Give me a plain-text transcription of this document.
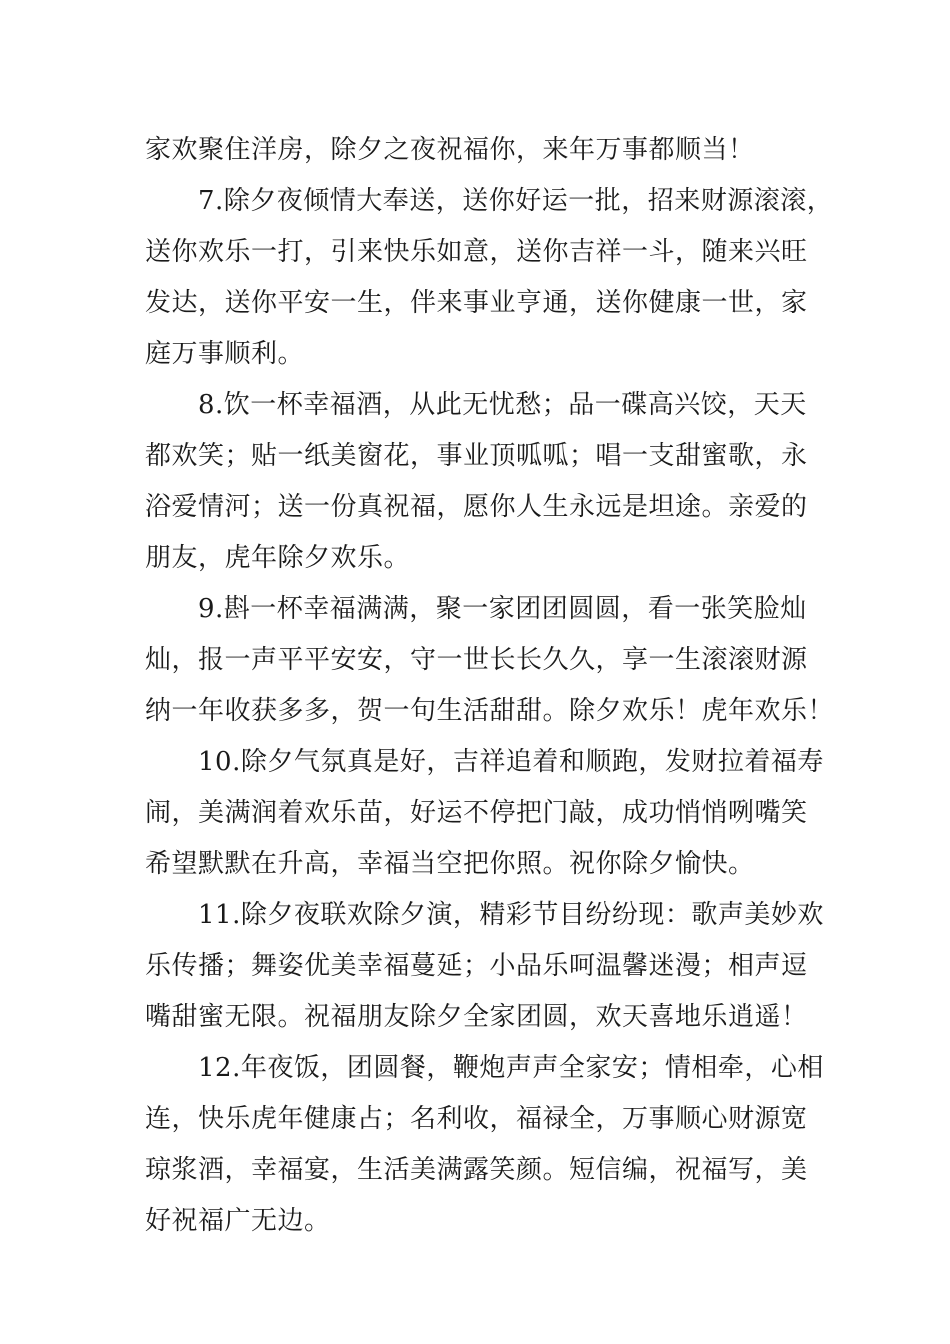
家欢聚住洋房，除夕之夜祝福你，来年万事都顺当！
　　7.除夕夜倾情大奉送，送你好运一批，招来财源滚滚，
送你欢乐一打，引来快乐如意，送你吉祥一斗，随来兴旺
发达，送你平安一生，伴来事业亨通，送你健康一世，家
庭万事顺利。
　　8.饮一杯幸福酒，从此无忧愁；品一碟高兴饺，天天
都欢笑；贴一纸美窗花，事业顶呱呱；唱一支甜蜜歌，永
浴爱情河；送一份真祝福，愿你人生永远是坦途。亲爱的
朋友，虎年除夕欢乐。
　　9.斟一杯幸福满满，聚一家团团圆圆，看一张笑脸灿
灿，报一声平平安安，守一世长长久久，享一生滚滚财源
纳一年收获多多，贺一句生活甜甜。除夕欢乐！虎年欢乐！
　　10.除夕气氛真是好，吉祥追着和顺跑，发财拉着福寿
闹，美满润着欢乐苗，好运不停把门敲，成功悄悄咧嘴笑
希望默默在升高，幸福当空把你照。祝你除夕愉快。
　　11.除夕夜联欢除夕演，精彩节目纷纷现：歌声美妙欢
乐传播；舞姿优美幸福蔓延；小品乐呵温馨迷漫；相声逗
嘴甜蜜无限。祝福朋友除夕全家团圆，欢天喜地乐逍遥！
　　12.年夜饭，团圆餐，鞭炮声声全家安；情相牵，心相
连，快乐虎年健康占；名利收，福禄全，万事顺心财源宽
琼浆酒，幸福宴，生活美满露笑颜。短信编，祝福写，美
好祝福广无边。
